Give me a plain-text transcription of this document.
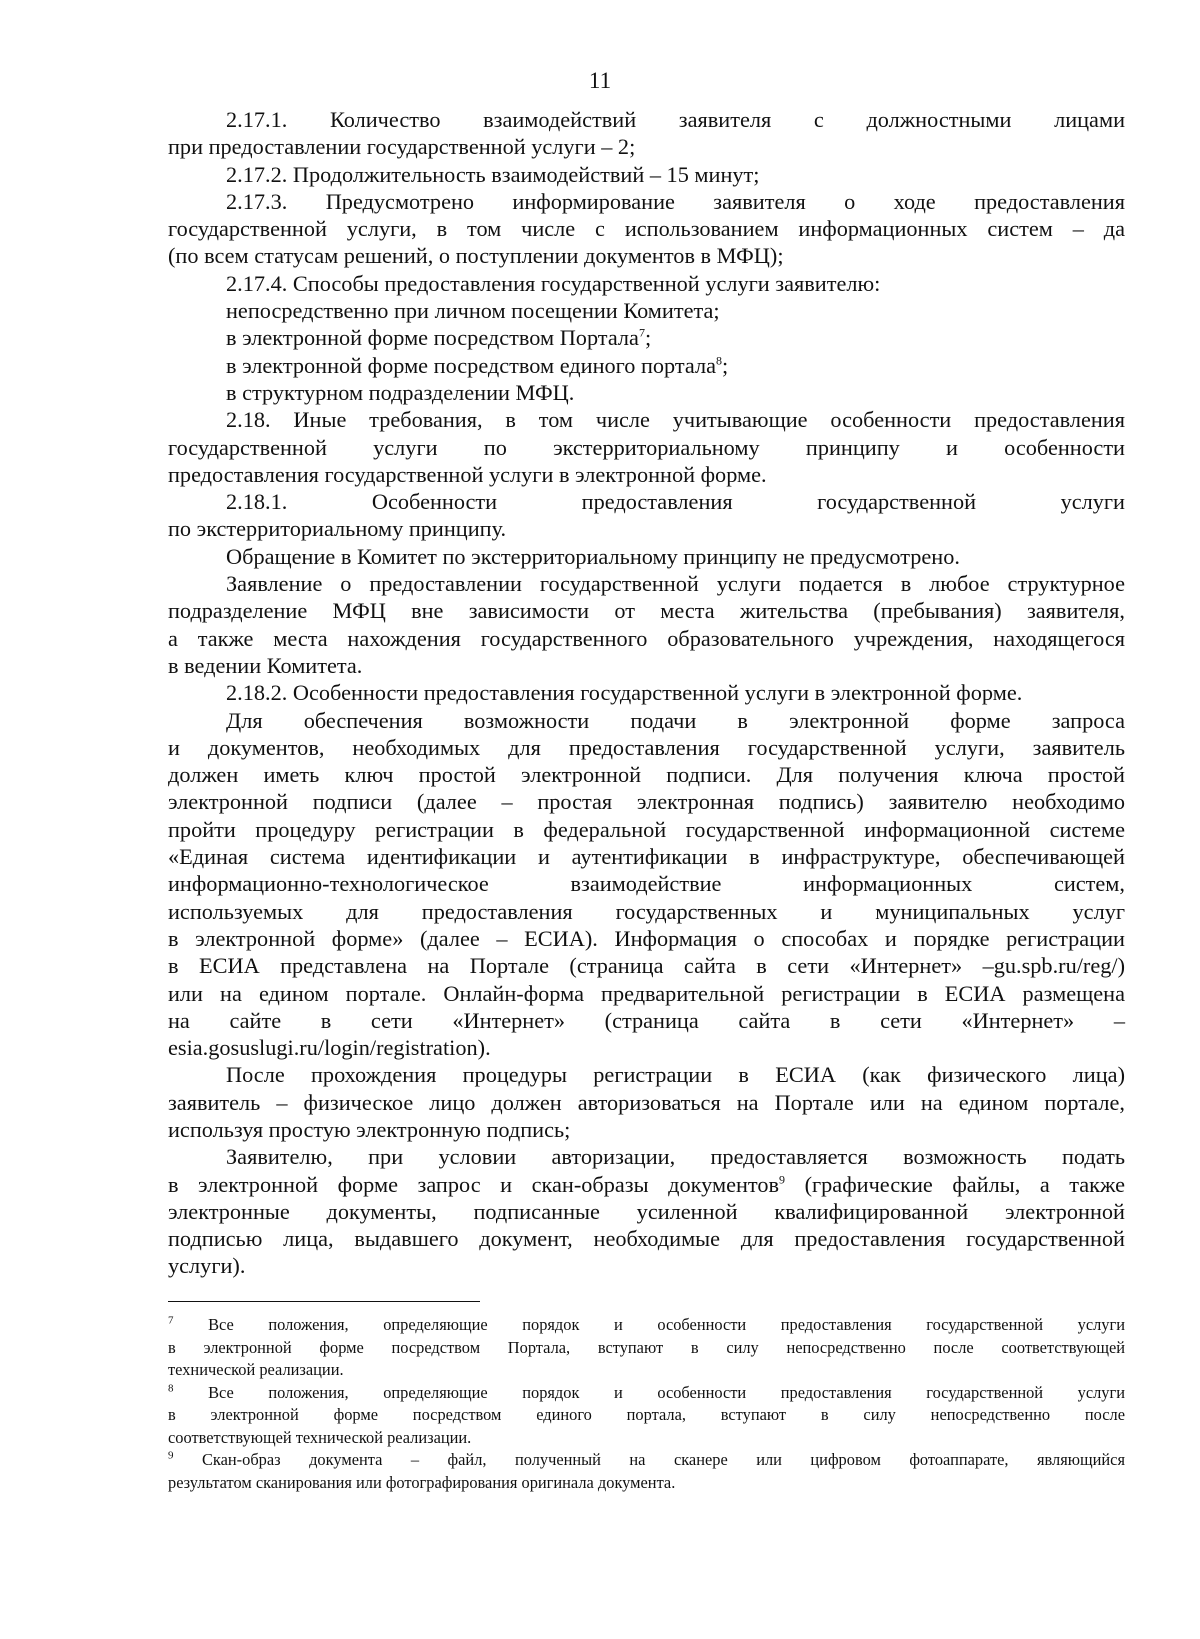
11

2.17.1. Количество взаимодействий заявителя с должностными лицами

при предоставлении государственной услуги – 2;

2.17.2. Продолжительность взаимодействий – 15 минут;

2.17.3. Предусмотрено информирование заявителя о ходе предоставления

государственной услуги, в том числе с использованием информационных систем – да

(по всем статусам решений, о поступлении документов в МФЦ);

2.17.4. Способы предоставления государственной услуги заявителю:

непосредственно при личном посещении Комитета;

в электронной форме посредством Портала$^7$;

в электронной форме посредством единого портала$^8$;

в структурном подразделении МФЦ.

2.18. Иные требования, в том числе учитывающие особенности предоставления

государственной услуги по экстерриториальному принципу и особенности

предоставления государственной услуги в электронной форме.

2.18.1. Особенности предоставления государственной услуги

по экстерриториальному принципу.

Обращение в Комитет по экстерриториальному принципу не предусмотрено.

Заявление о предоставлении государственной услуги подается в любое структурное

подразделение МФЦ вне зависимости от места жительства (пребывания) заявителя,

а также места нахождения государственного образовательного учреждения, находящегося

в ведении Комитета.

2.18.2. Особенности предоставления государственной услуги в электронной форме.

Для обеспечения возможности подачи в электронной форме запроса

и документов, необходимых для предоставления государственной услуги, заявитель

должен иметь ключ простой электронной подписи. Для получения ключа простой

электронной подписи (далее – простая электронная подпись) заявителю необходимо

пройти процедуру регистрации в федеральной государственной информационной системе

«Единая система идентификации и аутентификации в инфраструктуре, обеспечивающей

информационно-технологическое взаимодействие информационных систем,

используемых для предоставления государственных и муниципальных услуг

в электронной форме» (далее – ЕСИА). Информация о способах и порядке регистрации

в ЕСИА представлена на Портале (страница сайта в сети «Интернет» –gu.spb.ru/reg/)

или на едином портале. Онлайн-форма предварительной регистрации в ЕСИА размещена

на сайте в сети «Интернет» (страница сайта в сети «Интернет» –

esia.gosuslugi.ru/login/registration).

После прохождения процедуры регистрации в ЕСИА (как физического лица)

заявитель – физическое лицо должен авторизоваться на Портале или на едином портале,

используя простую электронную подпись;

Заявителю, при условии авторизации, предоставляется возможность подать

в электронной форме запрос и скан-образы документов$^9$ (графические файлы, а также

электронные документы, подписанные усиленной квалифицированной электронной

подписью лица, выдавшего документ, необходимые для предоставления государственной

услуги).

$^7$ Все положения, определяющие порядок и особенности предоставления государственной услуги

в электронной форме посредством Портала, вступают в силу непосредственно после соответствующей

технической реализации.

$^8$ Все положения, определяющие порядок и особенности предоставления государственной услуги

в электронной форме посредством единого портала, вступают в силу непосредственно после

соответствующей технической реализации.

$^9$ Скан-образ документа – файл, полученный на сканере или цифровом фотоаппарате, являющийся

результатом сканирования или фотографирования оригинала документа.
